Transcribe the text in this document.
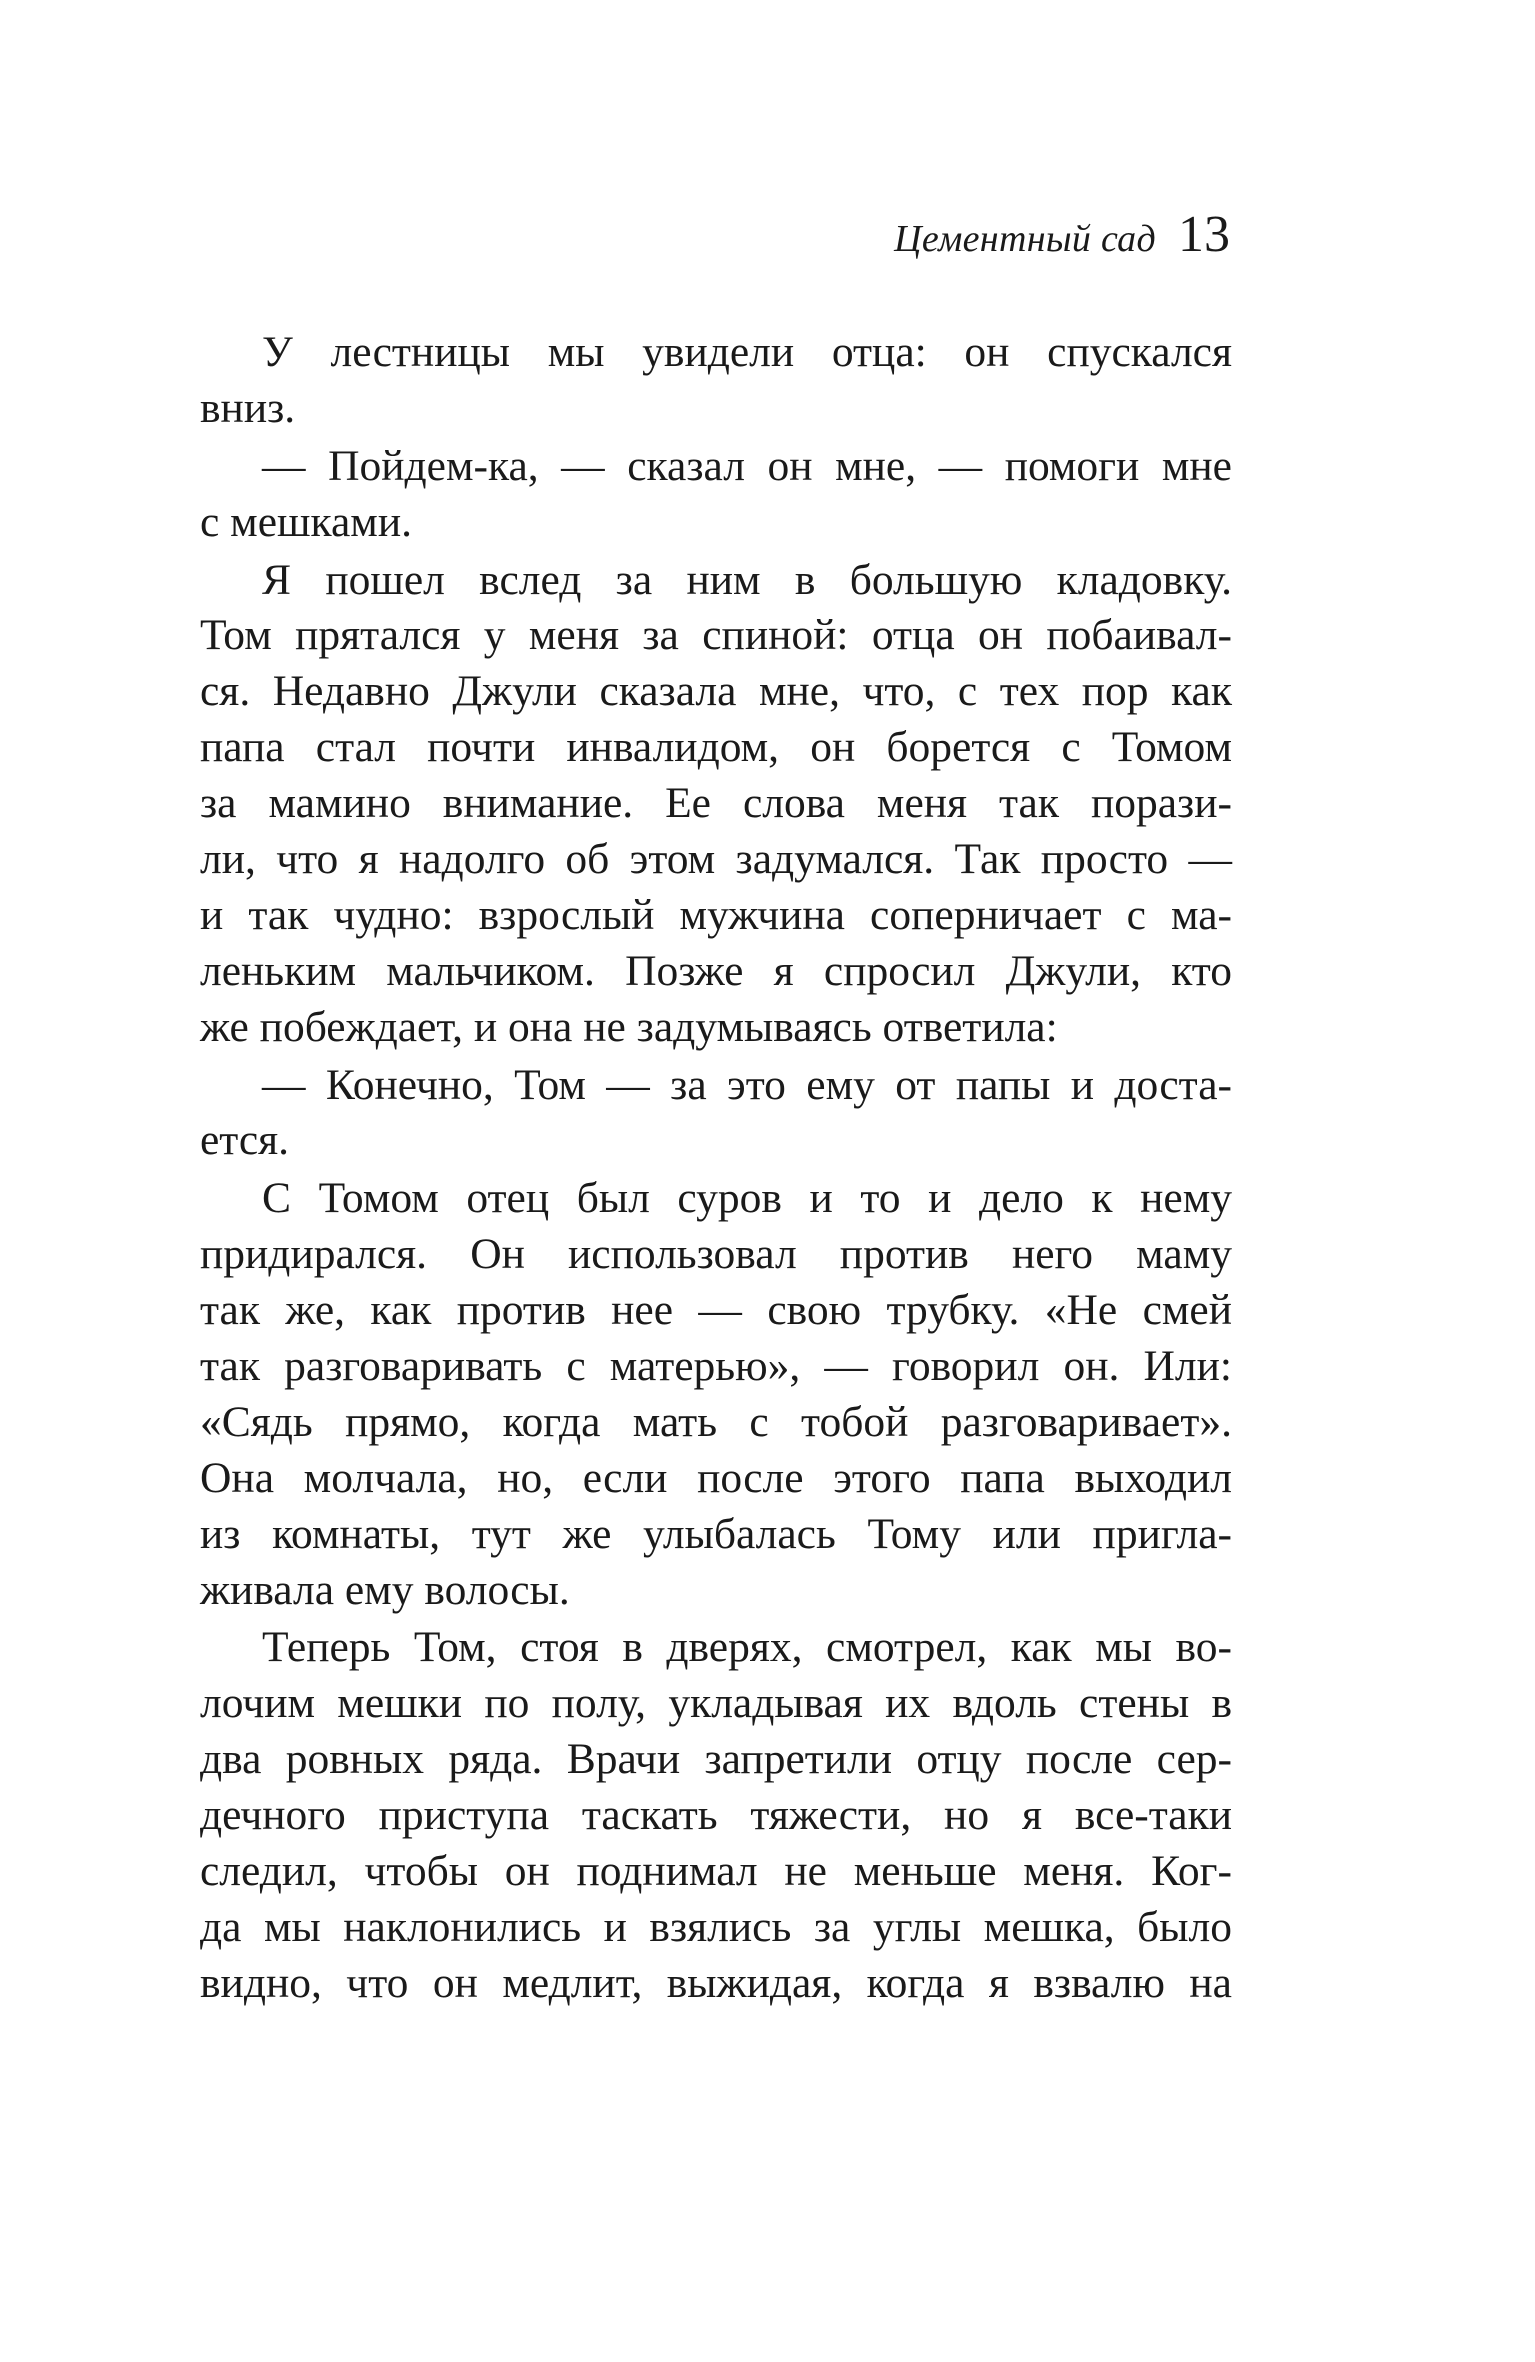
Цементный сад 13
У лестницы мы увидели отца: он спускался
вниз.
— Пойдем-ка, — сказал он мне, — помоги мне
с мешками.
Я пошел вслед за ним в большую кладовку.
Том прятался у меня за спиной: отца он побаивал-
ся. Недавно Джули сказала мне, что, с тех пор как
папа стал почти инвалидом, он борется с Томом
за мамино внимание. Ее слова меня так порази-
ли, что я надолго об этом задумался. Так просто —
и так чудно: взрослый мужчина соперничает с ма-
леньким мальчиком. Позже я спросил Джули, кто
же побеждает, и она не задумываясь ответила:
— Конечно, Том — за это ему от папы и доста-
ется.
С Томом отец был суров и то и дело к нему
придирался. Он использовал против него маму
так же, как против нее — свою трубку. «Не смей
так разговаривать с матерью», — говорил он. Или:
«Сядь прямо, когда мать с тобой разговаривает».
Она молчала, но, если после этого папа выходил
из комнаты, тут же улыбалась Тому или пригла-
живала ему волосы.
Теперь Том, стоя в дверях, смотрел, как мы во-
лочим мешки по полу, укладывая их вдоль стены в
два ровных ряда. Врачи запретили отцу после сер-
дечного приступа таскать тяжести, но я все-таки
следил, чтобы он поднимал не меньше меня. Ког-
да мы наклонились и взялись за углы мешка, было
видно, что он медлит, выжидая, когда я взвалю на
